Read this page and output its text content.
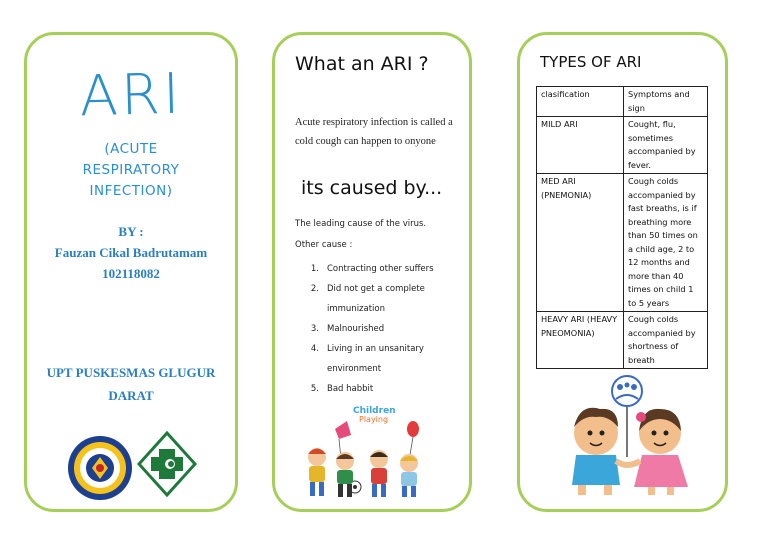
ARI
(ACUTE
RESPIRATORY
INFECTION)
BY :
Fauzan Cikal Badrutamam
102118082
UPT PUSKESMAS GLUGUR
DARAT
What an ARI ?
Acute respiratory infection is called a cold cough can happen to onyone
its caused by...
The leading cause of the virus.
Other cause :
1. Contracting other suffers
2. Did not get a complete immunization
3. Malnourished
4. Living in an unsanitary environment
5. Bad habbit
Children
Playing
TYPES OF ARI
clasification	Symptoms and sign
MILD ARI	Cought, flu, sometimes accompanied by fever.
MED ARI (PNEMONIA)	Cough colds accompanied by fast breaths, is if breathing more than 50 times on a child age, 2 to 12 months and more than 40 times on child 1 to 5 years
HEAVY ARI (HEAVY PNEOMONIA)	Cough colds accompanied by shortness of breath
